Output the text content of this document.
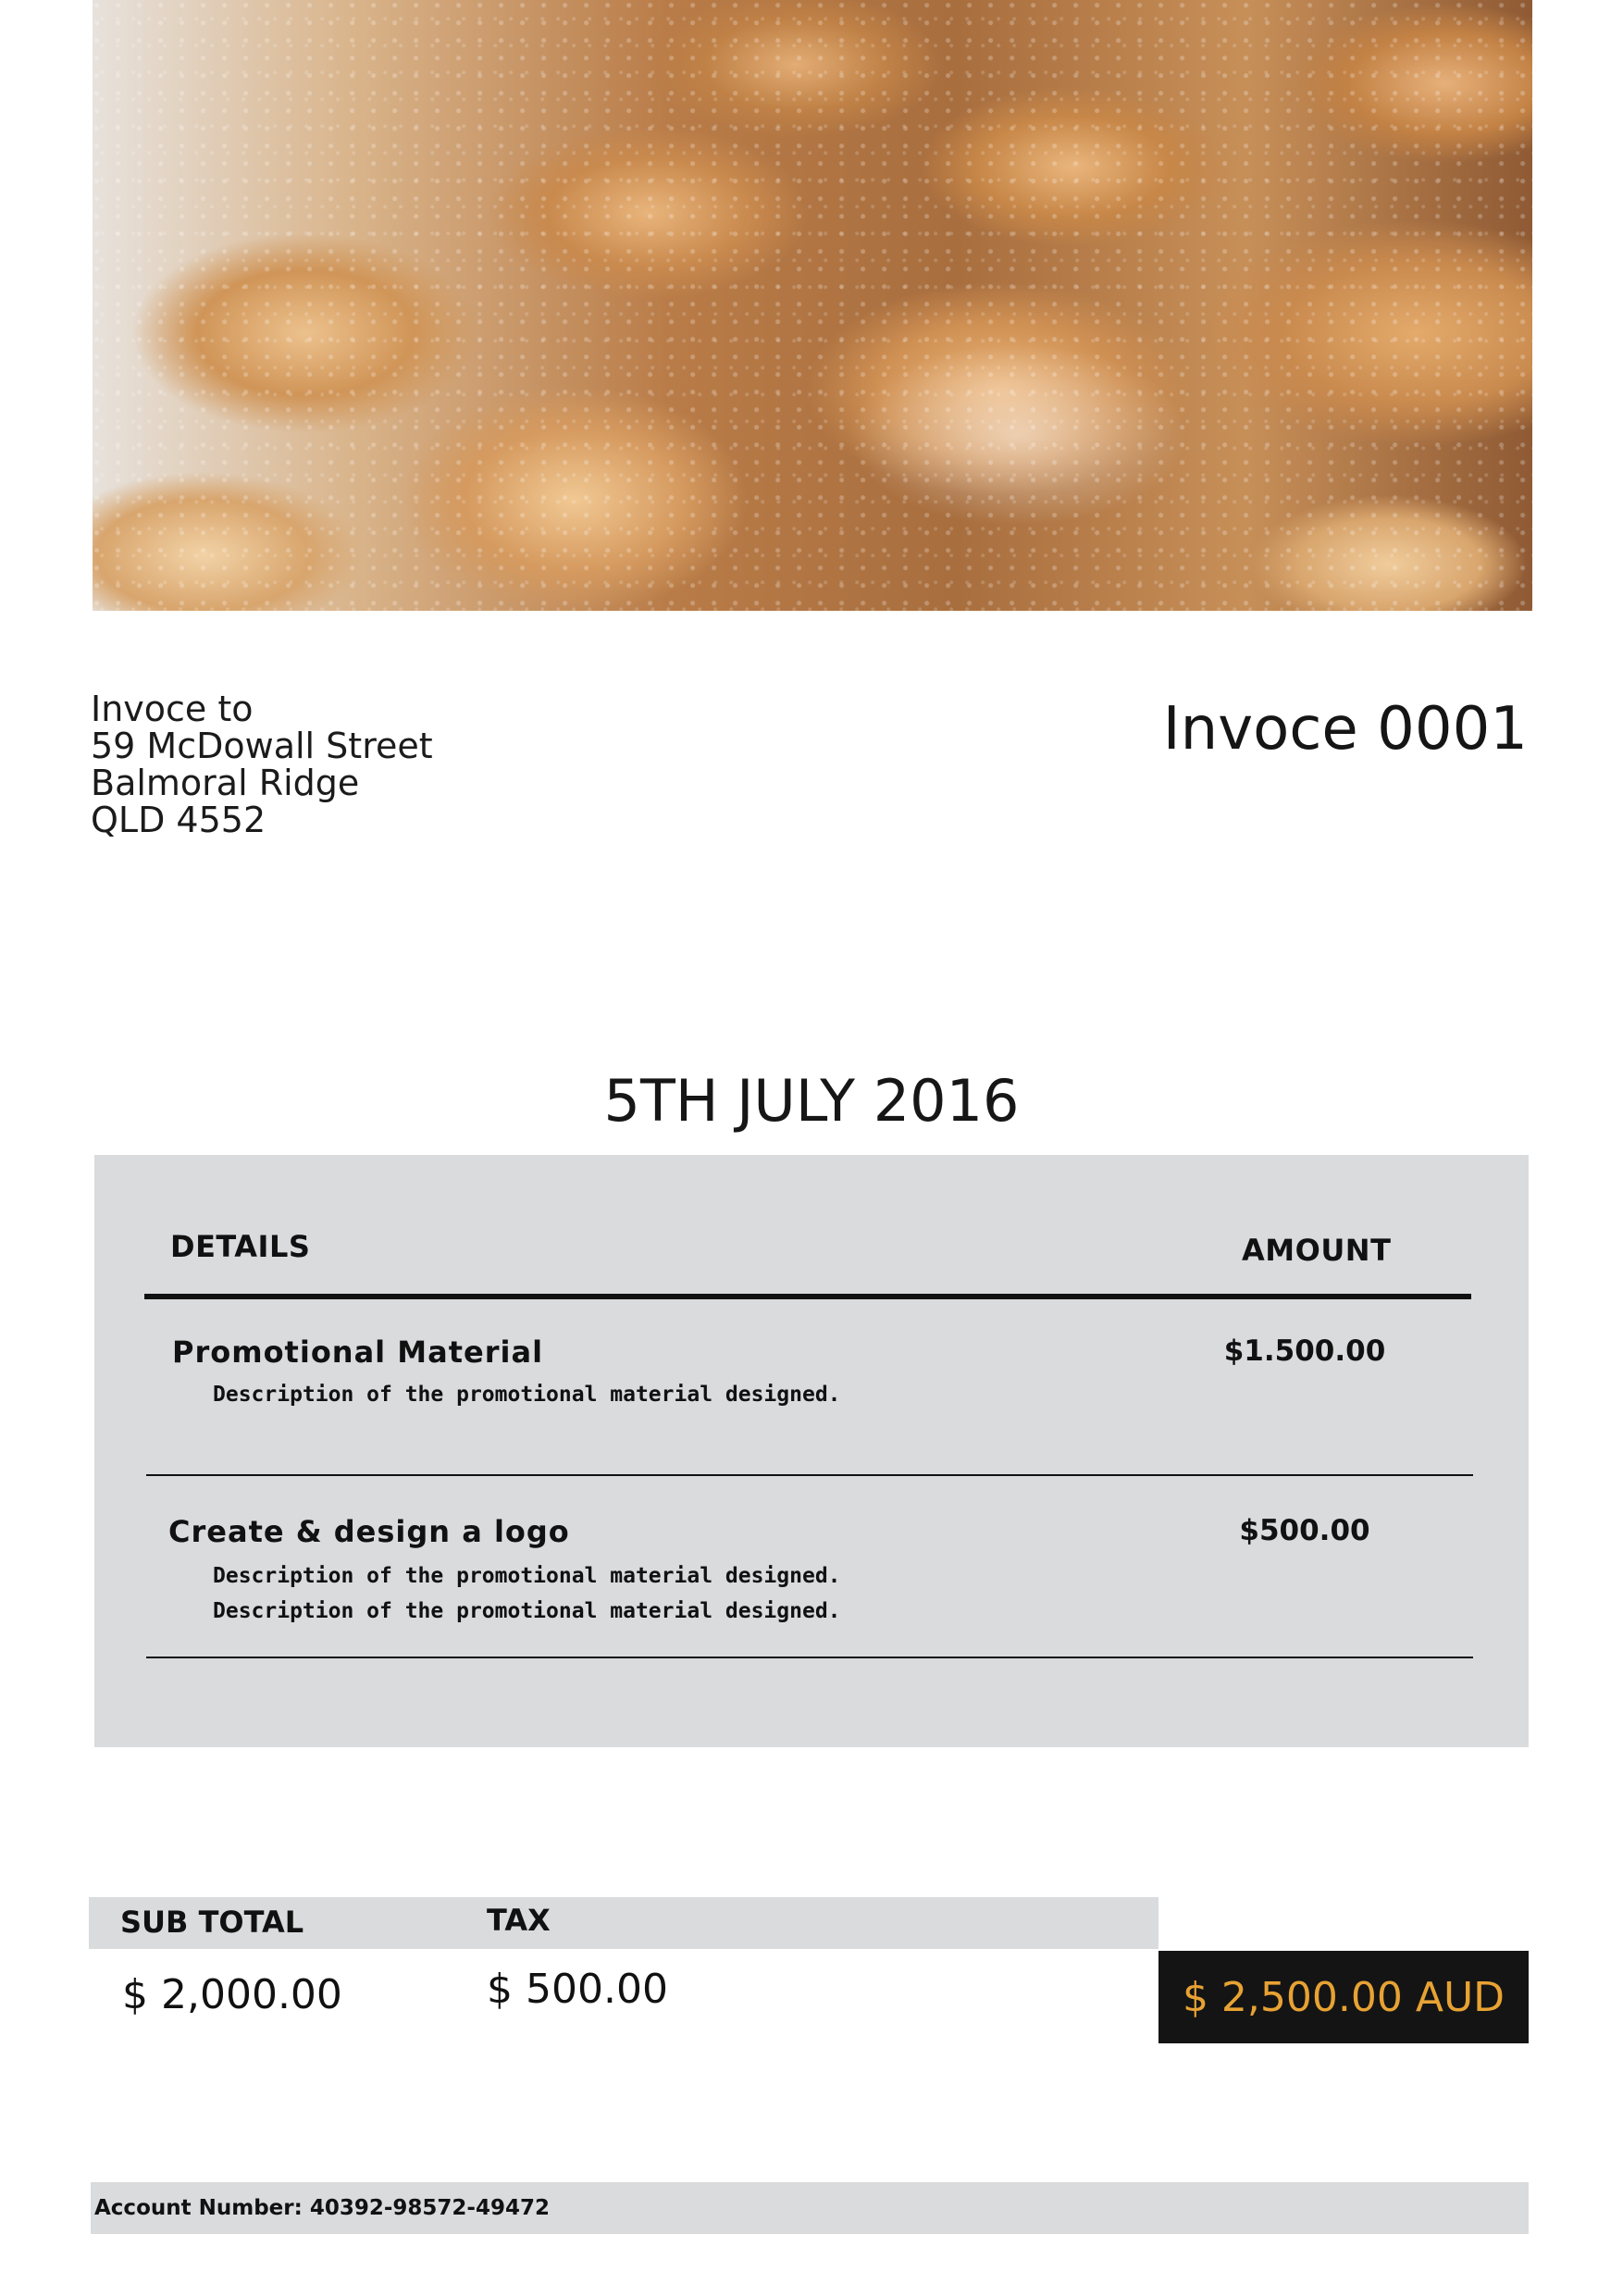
Invoce to
59 McDowall Street
Balmoral Ridge
QLD 4552
Invoce 0001
5TH JULY 2016
DETAILS	AMOUNT
Promotional Material
Description of the promotional material designed.
$1.500.00
Create & design a logo
Description of the promotional material designed.
Description of the promotional material designed.
$500.00
SUB TOTAL	TAX
$ 2,000.00	$ 500.00	$ 2,500.00 AUD
Account Number: 40392-98572-49472
